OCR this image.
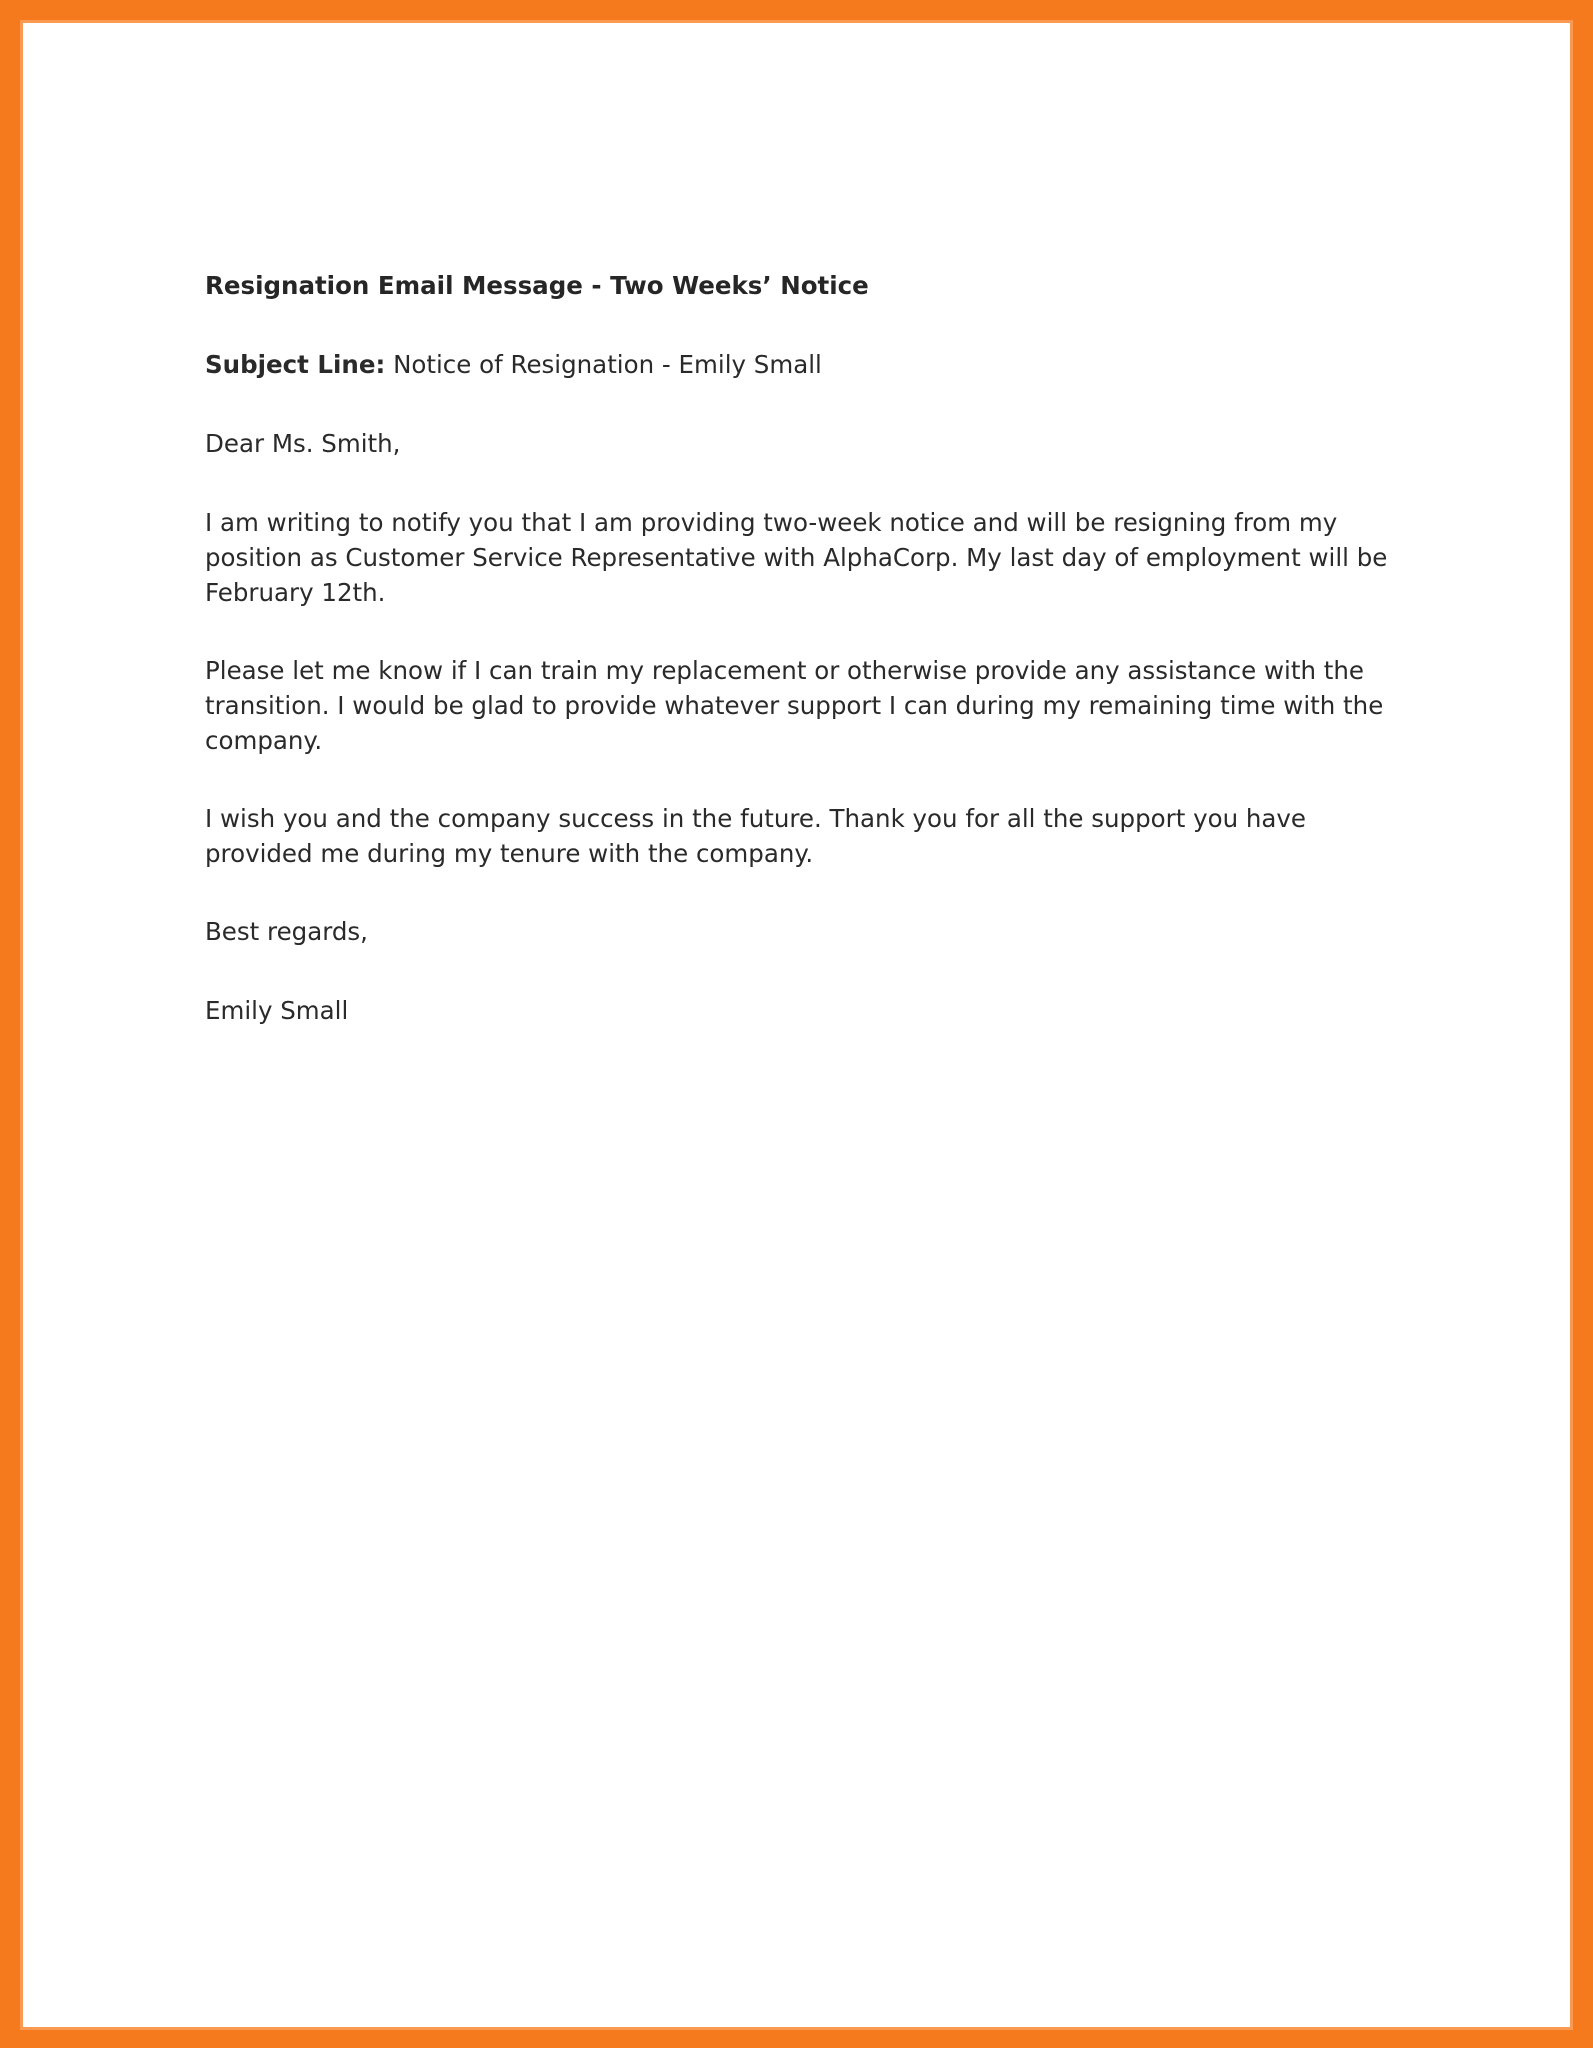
Resignation Email Message - Two Weeks’ Notice

Subject Line: Notice of Resignation - Emily Small

Dear Ms. Smith,

I am writing to notify you that I am providing two-week notice and will be resigning from my position as Customer Service Representative with AlphaCorp. My last day of employment will be February 12th.

Please let me know if I can train my replacement or otherwise provide any assistance with the transition. I would be glad to provide whatever support I can during my remaining time with the company.

I wish you and the company success in the future. Thank you for all the support you have provided me during my tenure with the company.

Best regards,

Emily Small
